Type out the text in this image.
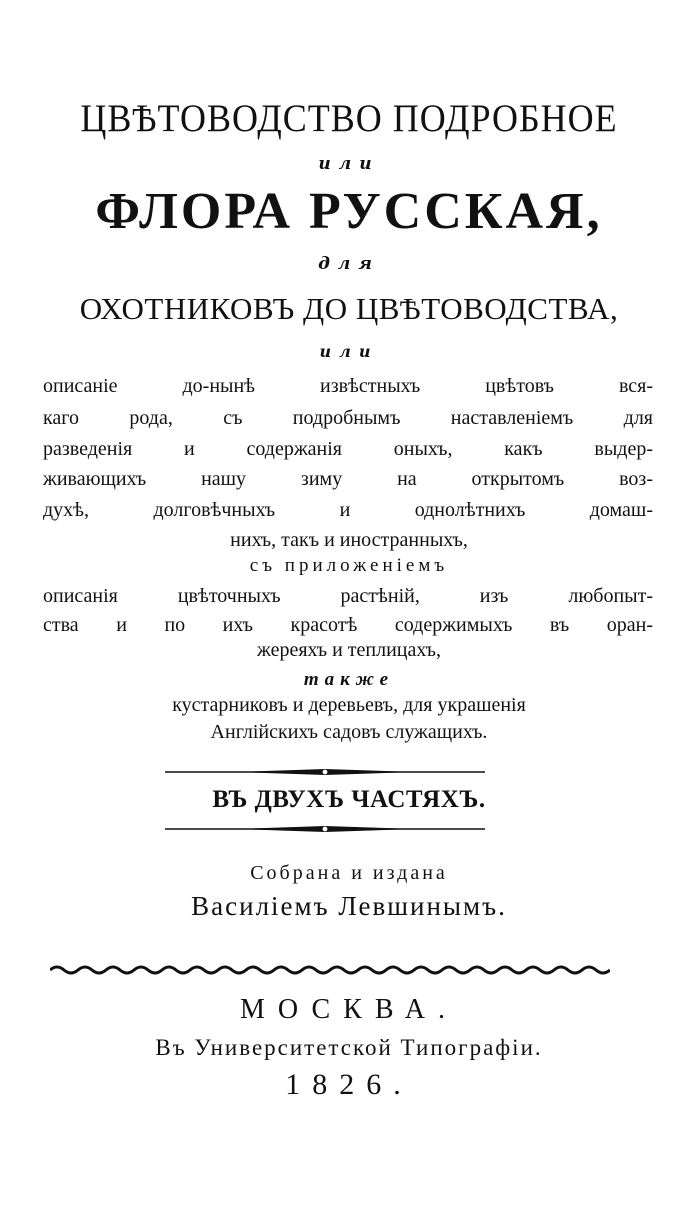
ЦВѢТОВОДСТВО ПОДРОБНОЕ
или
ФЛОРА РУССКАЯ,
для
ОХОТНИКОВЪ ДО ЦВѢТОВОДСТВА,
или
описаніе до-нынѣ извѣстныхъ цвѣтовъ вся-
каго рода, съ подробнымъ наставленіемъ для
разведенія и содержанія оныхъ, какъ выдер-
живающихъ нашу зиму на открытомъ воз-
духѣ, долговѣчныхъ и однолѣтнихъ домаш-
нихъ, такъ и иностранныхъ,
съ приложеніемъ
описанія цвѣточныхъ растѣній, изъ любопыт-
ства и по ихъ красотѣ содержимыхъ въ оран-
жереяхъ и теплицахъ,
также
кустарниковъ и деревьевъ, для украшенія
Англійскихъ садовъ служащихъ.
ВЪ ДВУХЪ ЧАСТЯХЪ.
Собрана и издана
Василіемъ Левшинымъ.
МОСКВА.
Въ Университетской Типографіи.
1826.
